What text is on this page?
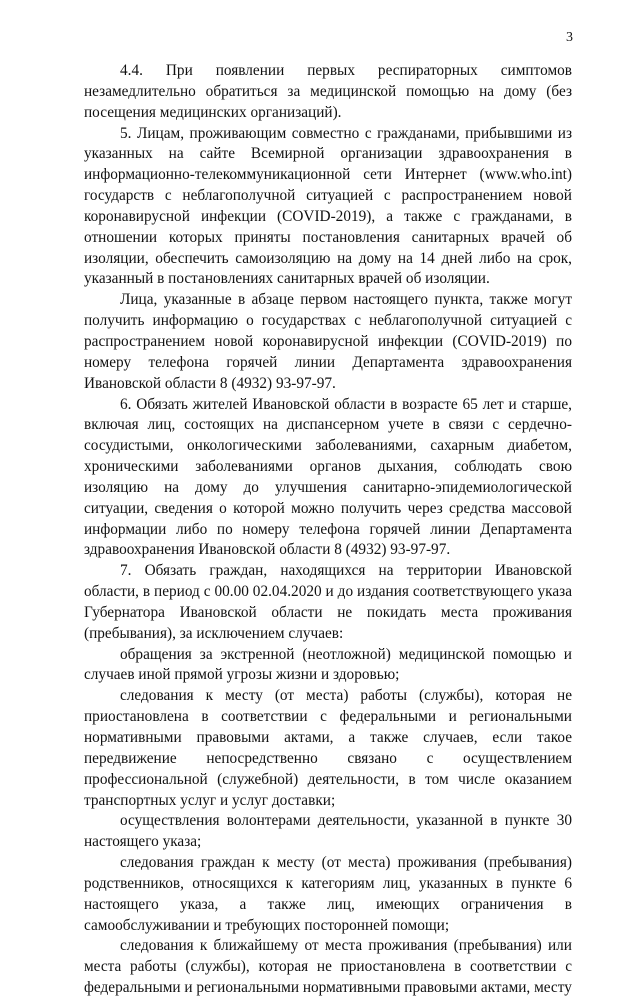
3

4.4. При появлении первых респираторных симптомов незамедлительно обратиться за медицинской помощью на дому (без посещения медицинских организаций).

5. Лицам, проживающим совместно с гражданами, прибывшими из указанных на сайте Всемирной организации здравоохранения в информационно-телекоммуникационной сети Интернет (www.who.int) государств с неблагополучной ситуацией с распространением новой коронавирусной инфекции (COVID-2019), а также с гражданами, в отношении которых приняты постановления санитарных врачей об изоляции, обеспечить самоизоляцию на дому на 14 дней либо на срок, указанный в постановлениях санитарных врачей об изоляции.

Лица, указанные в абзаце первом настоящего пункта, также могут получить информацию о государствах с неблагополучной ситуацией с распространением новой коронавирусной инфекции (COVID-2019) по номеру телефона горячей линии Департамента здравоохранения Ивановской области 8 (4932) 93-97-97.

6. Обязать жителей Ивановской области в возрасте 65 лет и старше, включая лиц, состоящих на диспансерном учете в связи с сердечно-сосудистыми, онкологическими заболеваниями, сахарным диабетом, хроническими заболеваниями органов дыхания, соблюдать свою изоляцию на дому до улучшения санитарно-эпидемиологической ситуации, сведения о которой можно получить через средства массовой информации либо по номеру телефона горячей линии Департамента здравоохранения Ивановской области 8 (4932) 93-97-97.

7. Обязать граждан, находящихся на территории Ивановской области, в период с 00.00 02.04.2020 и до издания соответствующего указа Губернатора Ивановской области не покидать места проживания (пребывания), за исключением случаев:

обращения за экстренной (неотложной) медицинской помощью и случаев иной прямой угрозы жизни и здоровью;

следования к месту (от места) работы (службы), которая не приостановлена в соответствии с федеральными и региональными нормативными правовыми актами, а также случаев, если такое передвижение непосредственно связано с осуществлением профессиональной (служебной) деятельности, в том числе оказанием транспортных услуг и услуг доставки;

осуществления волонтерами деятельности, указанной в пункте 30 настоящего указа;

следования граждан к месту (от места) проживания (пребывания) родственников, относящихся к категориям лиц, указанных в пункте 6 настоящего указа, а также лиц, имеющих ограничения в самообслуживании и требующих посторонней помощи;

следования к ближайшему от места проживания (пребывания) или места работы (службы), которая не приостановлена в соответствии с федеральными и региональными нормативными правовыми актами, месту
